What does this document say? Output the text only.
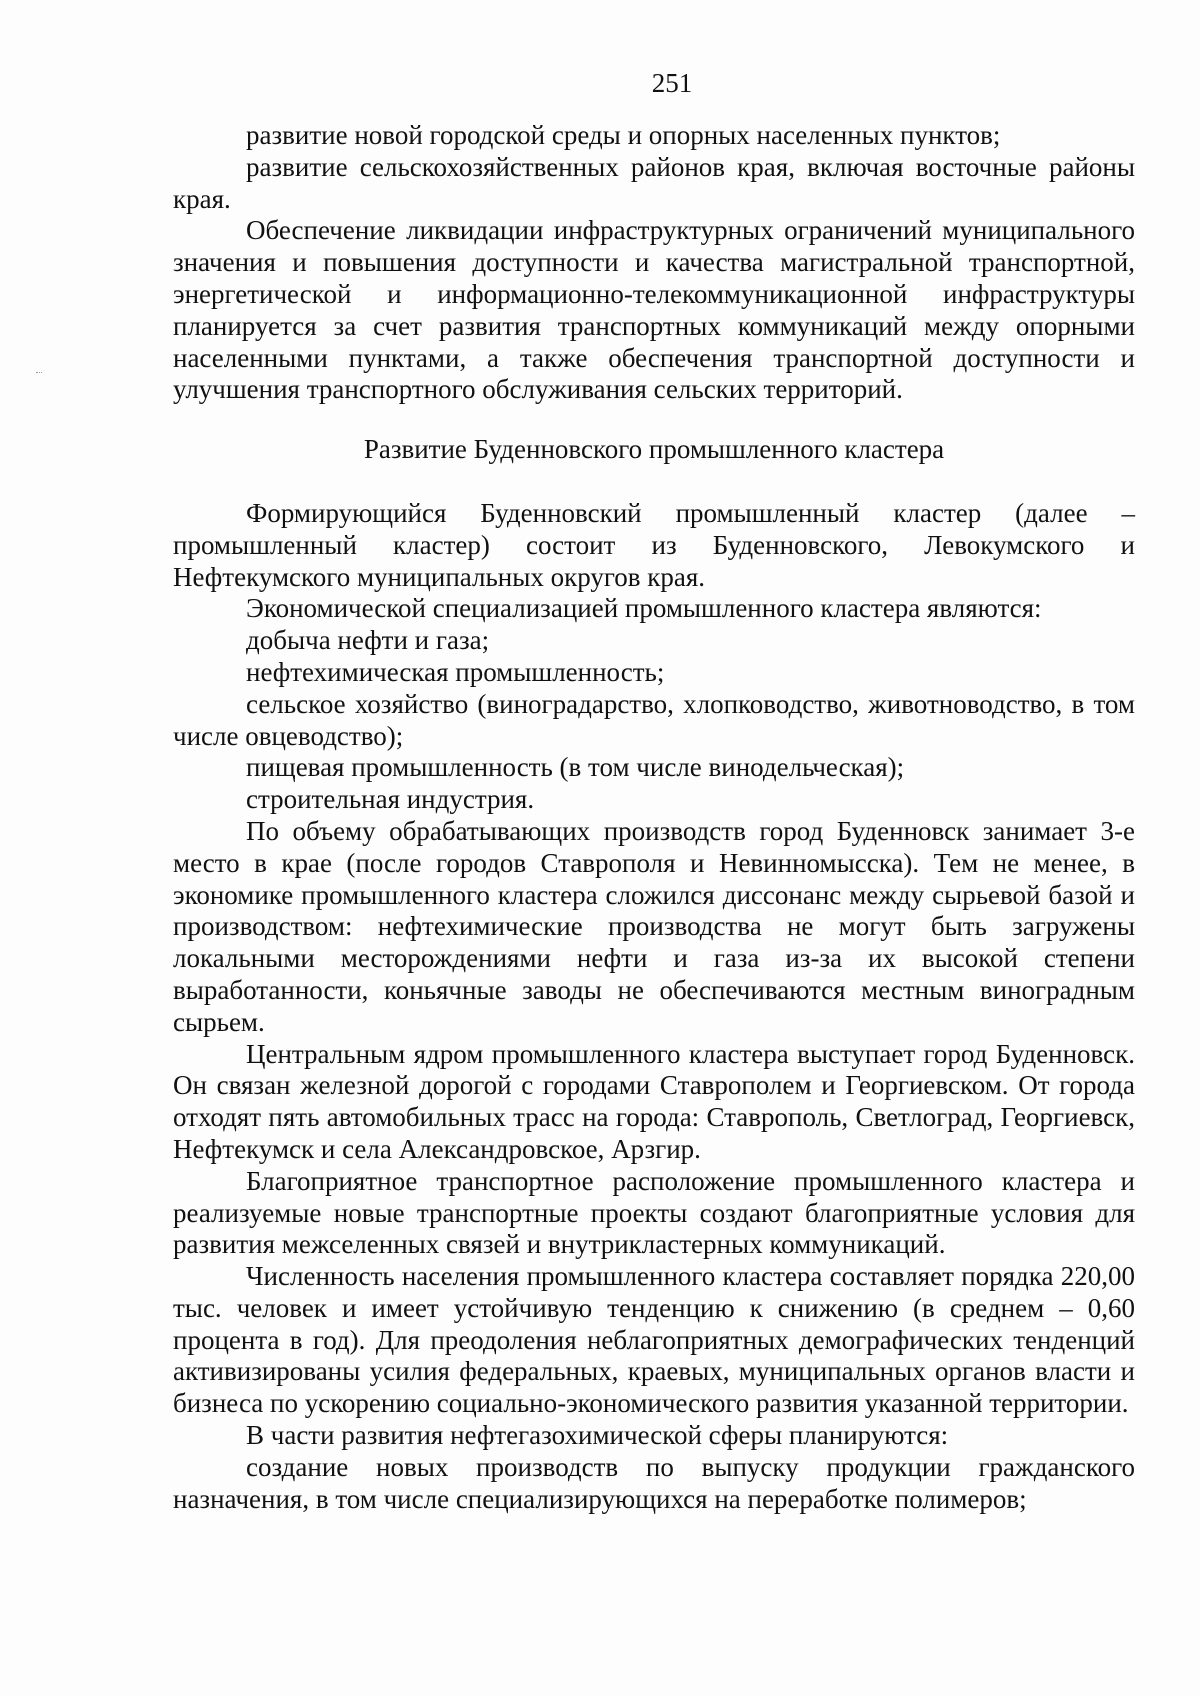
251

развитие новой городской среды и опорных населенных пунктов;

развитие сельскохозяйственных районов края, включая восточные районы края.

Обеспечение ликвидации инфраструктурных ограничений муниципального значения и повышения доступности и качества магистральной транспортной, энергетической и информационно-телекоммуникационной инфраструктуры планируется за счет развития транспортных коммуникаций между опорными населенными пунктами, а также обеспечения транспортной доступности и улучшения транспортного обслуживания сельских территорий.

Развитие Буденновского промышленного кластера

Формирующийся Буденновский промышленный кластер (далее – промышленный кластер) состоит из Буденновского, Левокумского и Нефтекумского муниципальных округов края.

Экономической специализацией промышленного кластера являются:

добыча нефти и газа;

нефтехимическая промышленность;

сельское хозяйство (виноградарство, хлопководство, животноводство, в том числе овцеводство);

пищевая промышленность (в том числе винодельческая);

строительная индустрия.

По объему обрабатывающих производств город Буденновск занимает 3-е место в крае (после городов Ставрополя и Невинномысска). Тем не менее, в экономике промышленного кластера сложился диссонанс между сырьевой базой и производством: нефтехимические производства не могут быть загружены локальными месторождениями нефти и газа из-за их высокой степени выработанности, коньячные заводы не обеспечиваются местным виноградным сырьем.

Центральным ядром промышленного кластера выступает город Буденновск. Он связан железной дорогой с городами Ставрополем и Георгиевском. От города отходят пять автомобильных трасс на города: Ставрополь, Светлоград, Георгиевск, Нефтекумск и села Александровское, Арзгир.

Благоприятное транспортное расположение промышленного кластера и реализуемые новые транспортные проекты создают благоприятные условия для развития межселенных связей и внутрикластерных коммуникаций.

Численность населения промышленного кластера составляет порядка 220,00 тыс. человек и имеет устойчивую тенденцию к снижению (в среднем – 0,60 процента в год). Для преодоления неблагоприятных демографических тенденций активизированы усилия федеральных, краевых, муниципальных органов власти и бизнеса по ускорению социально-экономического развития указанной территории.

В части развития нефтегазохимической сферы планируются:

создание новых производств по выпуску продукции гражданского назначения, в том числе специализирующихся на переработке полимеров;
